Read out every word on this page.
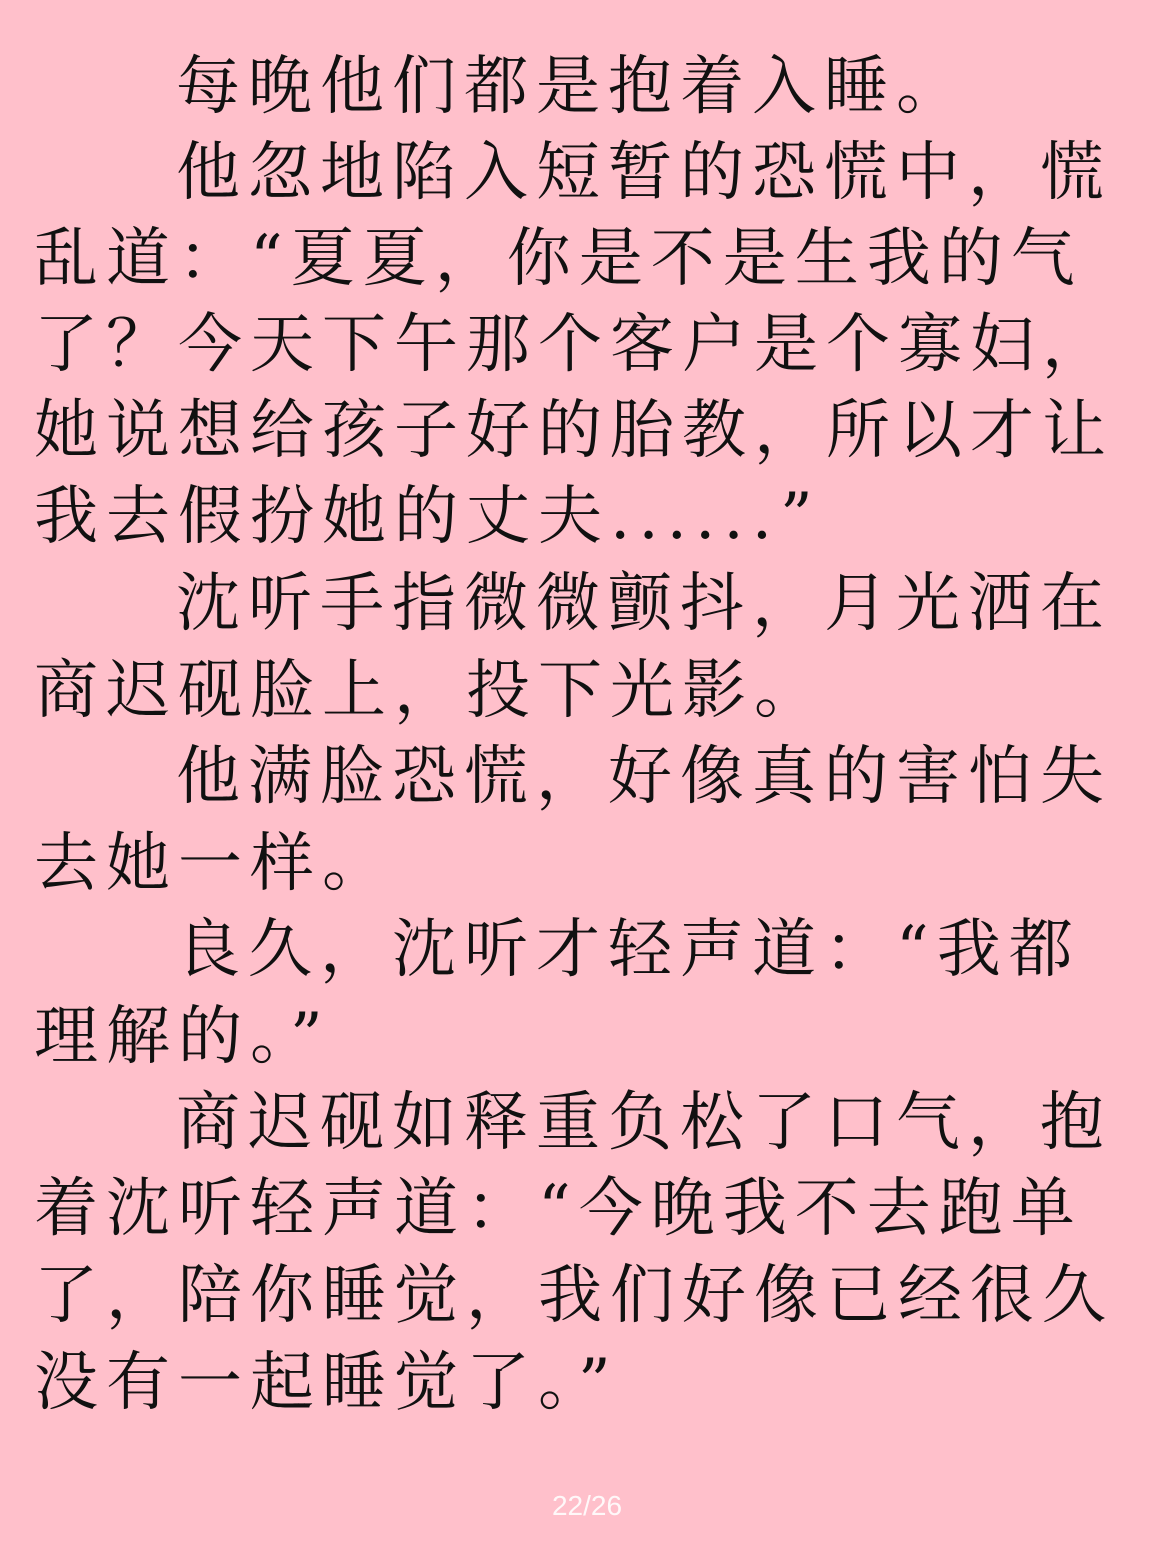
每晚他们都是抱着入睡。
他忽地陷入短暂的恐慌中，慌
乱道：“夏夏，你是不是生我的气
了？今天下午那个客户是个寡妇，
她说想给孩子好的胎教，所以才让
我去假扮她的丈夫......”
沈听手指微微颤抖，月光洒在
商迟砚脸上，投下光影。
他满脸恐慌，好像真的害怕失
去她一样。
良久，沈听才轻声道：“我都
理解的。”
商迟砚如释重负松了口气，抱
着沈听轻声道：“今晚我不去跑单
了，陪你睡觉，我们好像已经很久
没有一起睡觉了。”
22/26
